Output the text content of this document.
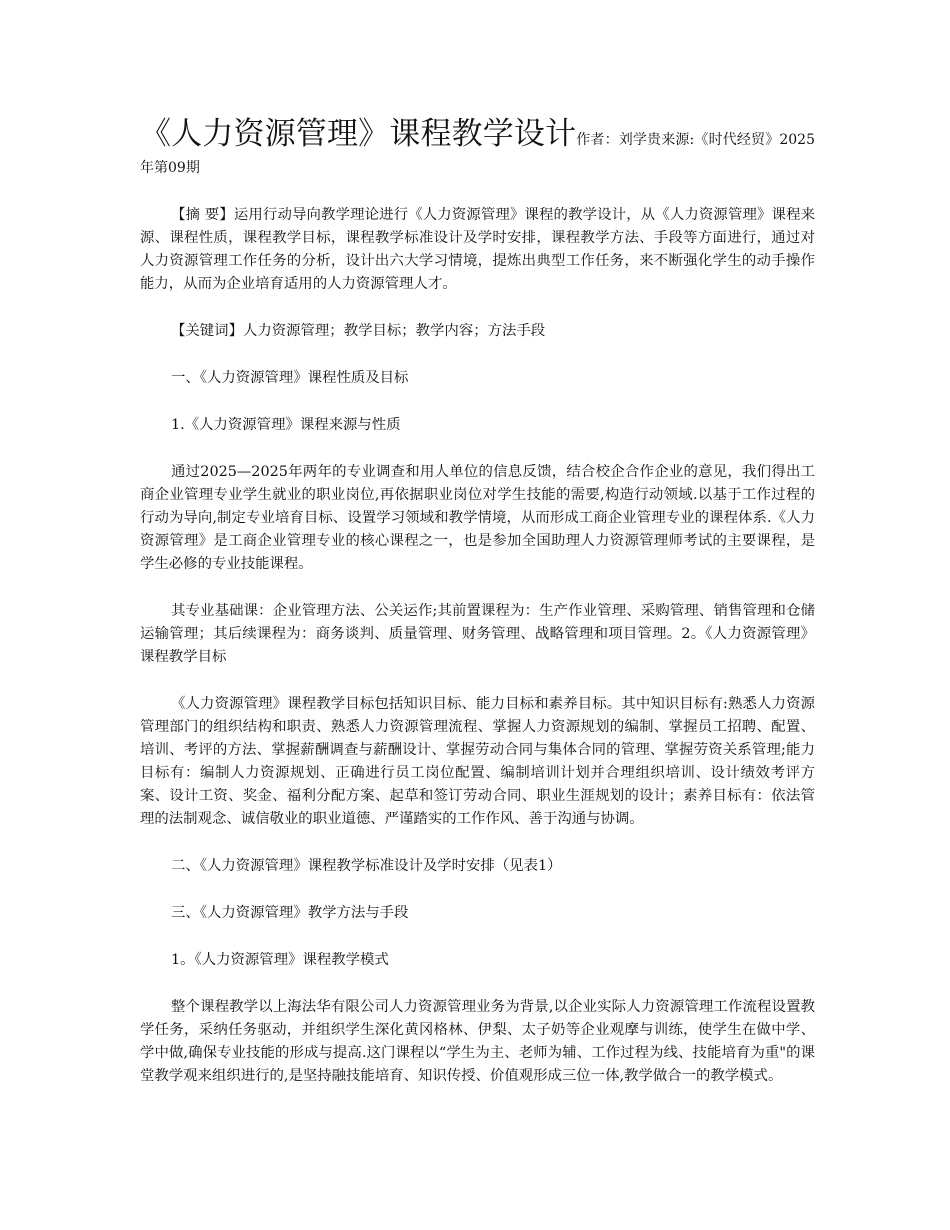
《人力资源管理》课程教学设计作者：刘学贵来源:《时代经贸》2025年第09期

【摘 要】运用行动导向教学理论进行《人力资源管理》课程的教学设计，从《人力资源管理》课程来源、课程性质，课程教学目标，课程教学标准设计及学时安排，课程教学方法、手段等方面进行，通过对人力资源管理工作任务的分析，设计出六大学习情境，提炼出典型工作任务，来不断强化学生的动手操作能力，从而为企业培育适用的人力资源管理人才。

【关键词】人力资源管理；教学目标；教学内容；方法手段

一、《人力资源管理》课程性质及目标

1.《人力资源管理》课程来源与性质

通过2025—2025年两年的专业调查和用人单位的信息反馈，结合校企合作企业的意见，我们得出工商企业管理专业学生就业的职业岗位,再依据职业岗位对学生技能的需要,构造行动领域.以基于工作过程的行动为导向,制定专业培育目标、设置学习领域和教学情境，从而形成工商企业管理专业的课程体系.《人力资源管理》是工商企业管理专业的核心课程之一，也是参加全国助理人力资源管理师考试的主要课程，是学生必修的专业技能课程。

其专业基础课：企业管理方法、公关运作;其前置课程为：生产作业管理、采购管理、销售管理和仓储运输管理；其后续课程为：商务谈判、质量管理、财务管理、战略管理和项目管理。2。《人力资源管理》课程教学目标

《人力资源管理》课程教学目标包括知识目标、能力目标和素养目标。其中知识目标有:熟悉人力资源管理部门的组织结构和职责、熟悉人力资源管理流程、掌握人力资源规划的编制、掌握员工招聘、配置、培训、考评的方法、掌握薪酬调查与薪酬设计、掌握劳动合同与集体合同的管理、掌握劳资关系管理;能力目标有：编制人力资源规划、正确进行员工岗位配置、编制培训计划并合理组织培训、设计绩效考评方案、设计工资、奖金、福利分配方案、起草和签订劳动合同、职业生涯规划的设计；素养目标有：依法管理的法制观念、诚信敬业的职业道德、严谨踏实的工作作风、善于沟通与协调。

二、《人力资源管理》课程教学标准设计及学时安排（见表1）

三、《人力资源管理》教学方法与手段

1。《人力资源管理》课程教学模式

整个课程教学以上海法华有限公司人力资源管理业务为背景,以企业实际人力资源管理工作流程设置教学任务，采纳任务驱动，并组织学生深化黄冈格林、伊梨、太子奶等企业观摩与训练，使学生在做中学、学中做,确保专业技能的形成与提高.这门课程以“学生为主、老师为辅、工作过程为线、技能培育为重"的课堂教学观来组织进行的,是坚持融技能培育、知识传授、价值观形成三位一体,教学做合一的教学模式。
